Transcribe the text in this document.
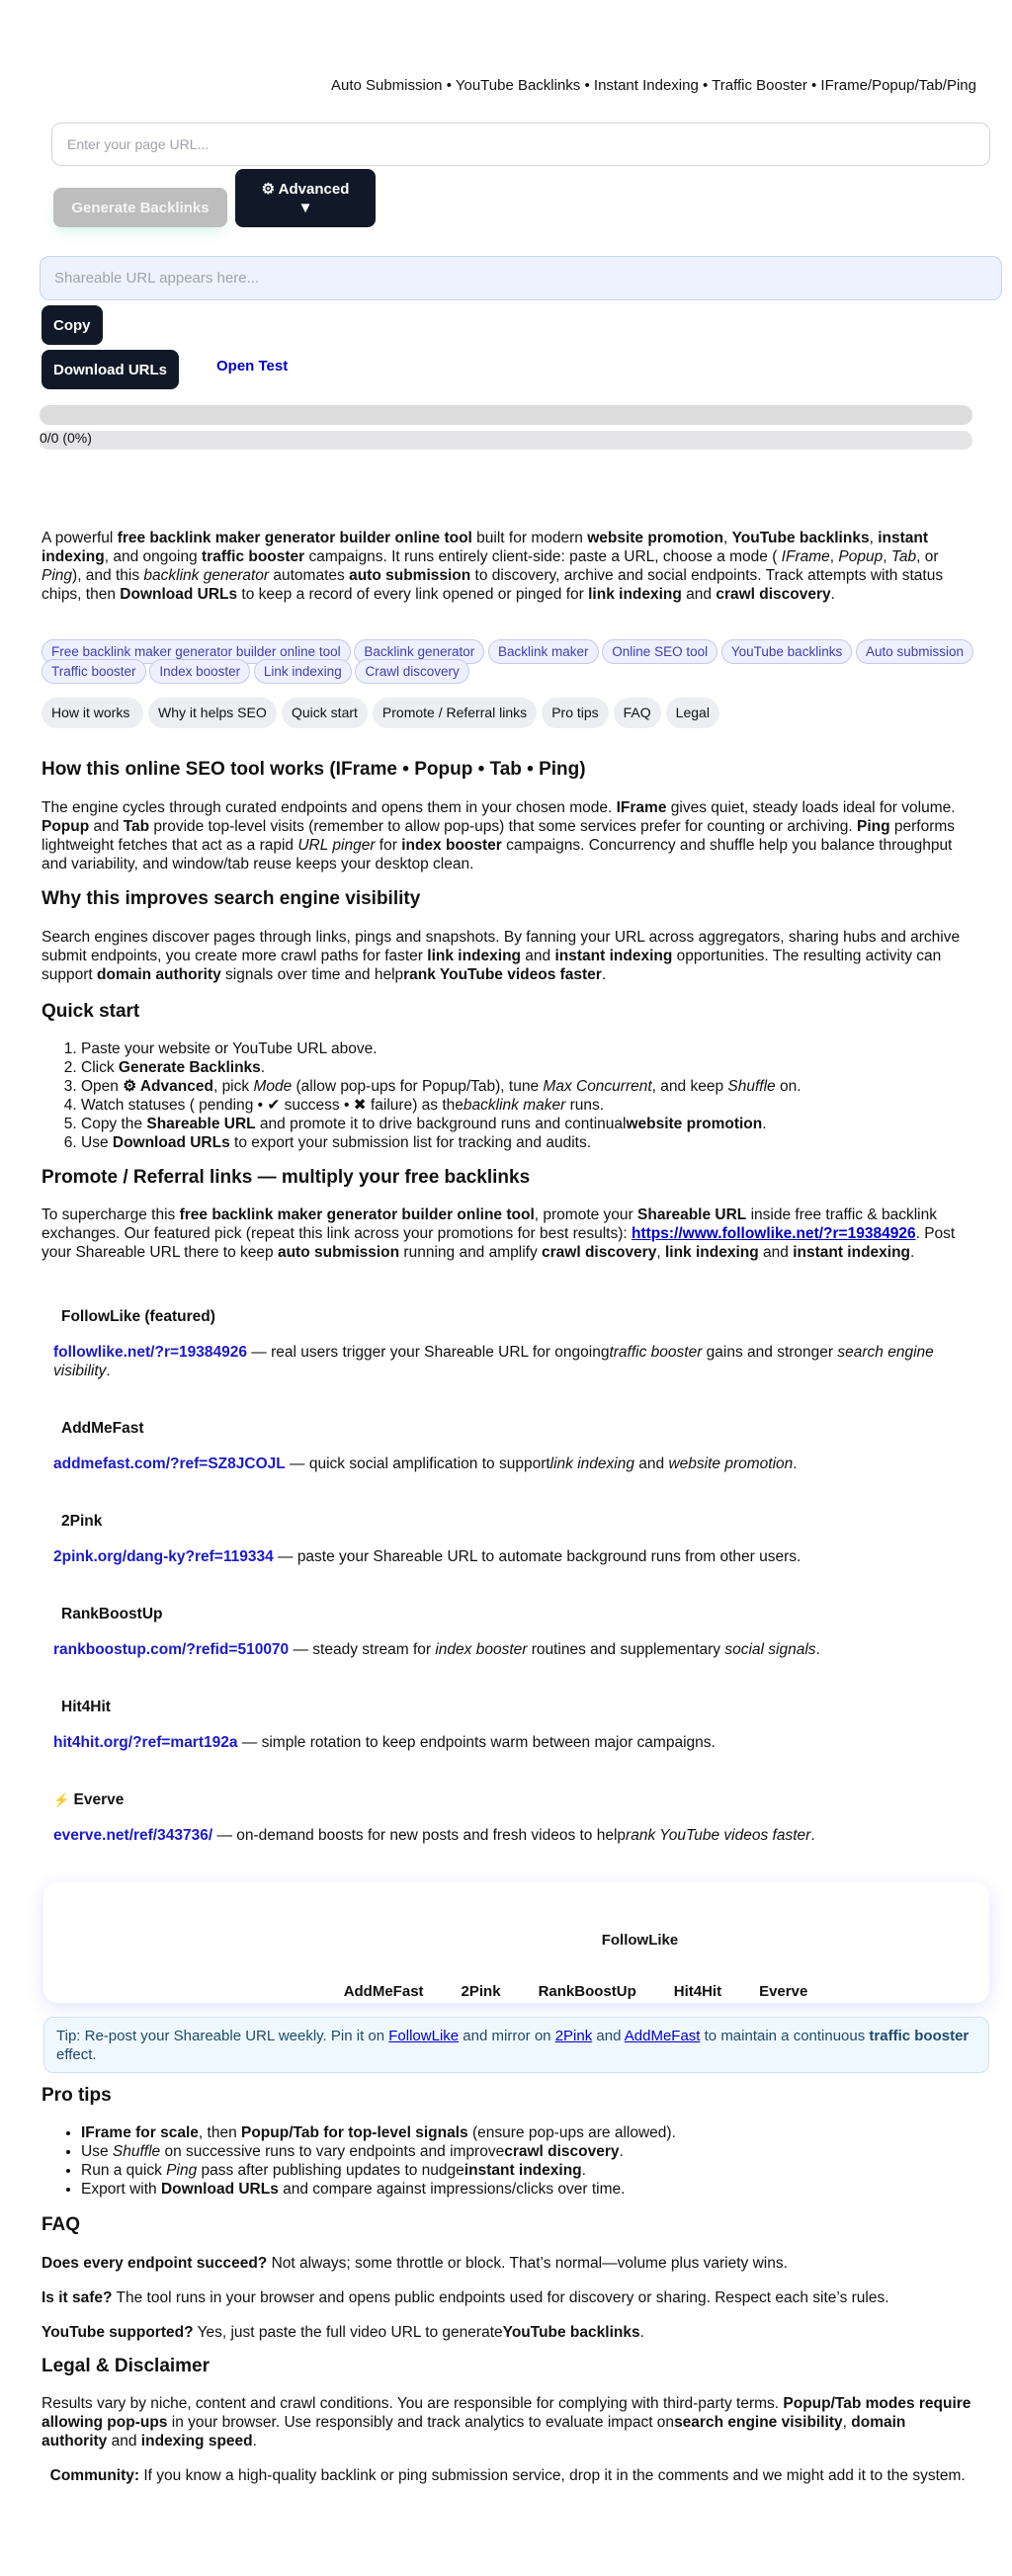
Auto Submission • YouTube Backlinks • Instant Indexing • Traffic Booster • IFrame/Popup/Tab/Ping
Enter your page URL...
Generate Backlinks
⚙ Advanced
▼
Shareable URL appears here...
Copy
Download URLs	Open Test
0/0 (0%)

A powerful free backlink maker generator builder online tool built for modern website promotion, YouTube backlinks, instant indexing, and ongoing traffic booster campaigns. It runs entirely client-side: paste a URL, choose a mode ( IFrame, Popup, Tab, or Ping), and this backlink generator automates auto submission to discovery, archive and social endpoints. Track attempts with status chips, then Download URLs to keep a record of every link opened or pinged for link indexing and crawl discovery.

Free backlink maker generator builder online tool Backlink generator Backlink maker Online SEO tool YouTube backlinks Auto submission Traffic booster Index booster Link indexing Crawl discovery
How it works	Why it helps SEO	Quick start	Promote / Referral links	Pro tips	FAQ	Legal
How this online SEO tool works (IFrame • Popup • Tab • Ping)

The engine cycles through curated endpoints and opens them in your chosen mode. IFrame gives quiet, steady loads ideal for volume. Popup and Tab provide top-level visits (remember to allow pop-ups) that some services prefer for counting or archiving. Ping performs lightweight fetches that act as a rapid URL pinger for index booster campaigns. Concurrency and shuffle help you balance throughput and variability, and window/tab reuse keeps your desktop clean.

Why this improves search engine visibility

Search engines discover pages through links, pings and snapshots. By fanning your URL across aggregators, sharing hubs and archive submit endpoints, you create more crawl paths for faster link indexing and instant indexing opportunities. The resulting activity can support domain authority signals over time and helprank YouTube videos faster.

Quick start
1. Paste your website or YouTube URL above.
2. Click Generate Backlinks.
3. Open ⚙ Advanced, pick Mode (allow pop-ups for Popup/Tab), tune Max Concurrent, and keep Shuffle on.
4. Watch statuses ( pending • ✔ success • ✖ failure) as thebacklink maker runs.
5. Copy the Shareable URL and promote it to drive background runs and continualwebsite promotion.
6. Use Download URLs to export your submission list for tracking and audits.
Promote / Referral links — multiply your free backlinks

To supercharge this free backlink maker generator builder online tool, promote your Shareable URL inside free traffic & backlink exchanges. Our featured pick (repeat this link across your promotions for best results): https://www.followlike.net/?r=19384926. Post your Shareable URL there to keep auto submission running and amplify crawl discovery, link indexing and instant indexing.

FollowLike (featured)

followlike.net/?r=19384926 — real users trigger your Shareable URL for ongoingtraffic booster gains and stronger search engine visibility.

AddMeFast

addmefast.com/?ref=SZ8JCOJL — quick social amplification to supportlink indexing and website promotion.

2Pink

2pink.org/dang-ky?ref=119334 — paste your Shareable URL to automate background runs from other users.

RankBoostUp

rankboostup.com/?refid=510070 — steady stream for index booster routines and supplementary social signals.

Hit4Hit

hit4hit.org/?ref=mart192a — simple rotation to keep endpoints warm between major campaigns.

⚡ Everve

everve.net/ref/343736/ — on-demand boosts for new posts and fresh videos to helprank YouTube videos faster.

FollowLike
AddMeFast	2Pink	RankBoostUp	Hit4Hit	Everve
Tip: Re-post your Shareable URL weekly. Pin it on FollowLike and mirror on 2Pink and AddMeFast to maintain a continuous traffic booster effect.
Pro tips
• IFrame for scale, then Popup/Tab for top-level signals (ensure pop-ups are allowed).
• Use Shuffle on successive runs to vary endpoints and improvecrawl discovery.
• Run a quick Ping pass after publishing updates to nudgeinstant indexing.
• Export with Download URLs and compare against impressions/clicks over time.
FAQ

Does every endpoint succeed? Not always; some throttle or block. That’s normal—volume plus variety wins.

Is it safe? The tool runs in your browser and opens public endpoints used for discovery or sharing. Respect each site’s rules.

YouTube supported? Yes, just paste the full video URL to generateYouTube backlinks.

Legal & Disclaimer

Results vary by niche, content and crawl conditions. You are responsible for complying with third-party terms. Popup/Tab modes require allowing pop-ups in your browser. Use responsibly and track analytics to evaluate impact onsearch engine visibility, domain authority and indexing speed.

Community: If you know a high-quality backlink or ping submission service, drop it in the comments and we might add it to the system.
